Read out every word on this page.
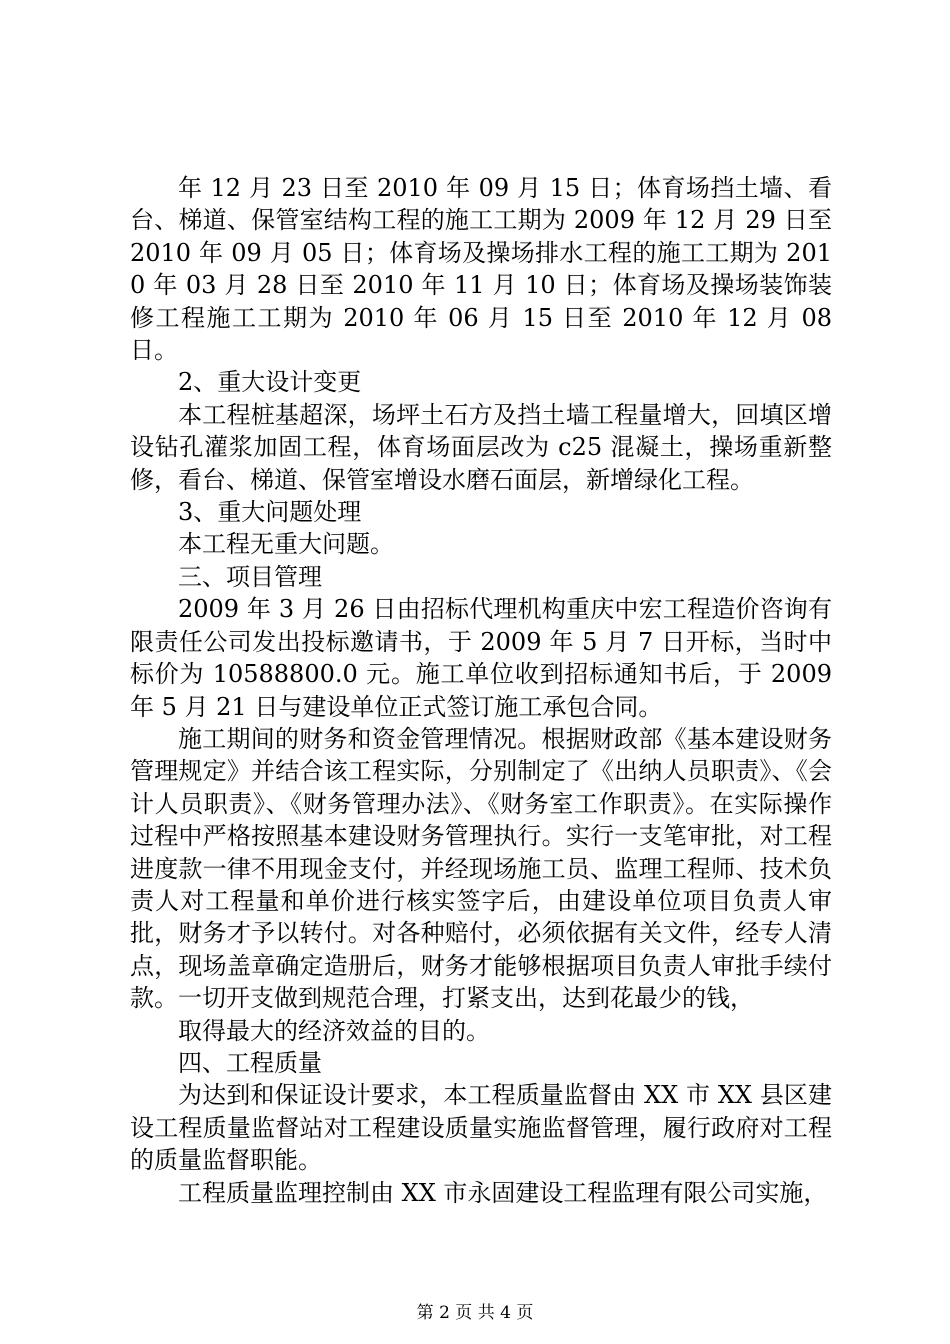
年 12 月 23 日至 2010 年 09 月 15 日；体育场挡土墙、看台、梯道、保管室结构工程的施工工期为 2009 年 12 月 29 日至 2010 年 09 月 05 日；体育场及操场排水工程的施工工期为 2010 年 03 月 28 日至 2010 年 11 月 10 日；体育场及操场装饰装修工程施工工期为 2010 年 06 月 15 日至 2010 年 12 月 08 日。

2、重大设计变更

本工程桩基超深，场坪土石方及挡土墙工程量增大，回填区增设钻孔灌浆加固工程，体育场面层改为 c25 混凝土，操场重新整修，看台、梯道、保管室增设水磨石面层，新增绿化工程。

3、重大问题处理

本工程无重大问题。

三、项目管理

2009 年 3 月 26 日由招标代理机构重庆中宏工程造价咨询有限责任公司发出投标邀请书，于 2009 年 5 月 7 日开标，当时中标价为 10588800.0 元。施工单位收到招标通知书后，于 2009 年 5 月 21 日与建设单位正式签订施工承包合同。

施工期间的财务和资金管理情况。根据财政部《基本建设财务管理规定》并结合该工程实际，分别制定了《出纳人员职责》、《会计人员职责》、《财务管理办法》、《财务室工作职责》。在实际操作过程中严格按照基本建设财务管理执行。实行一支笔审批，对工程进度款一律不用现金支付，并经现场施工员、监理工程师、技术负责人对工程量和单价进行核实签字后，由建设单位项目负责人审批，财务才予以转付。对各种赔付，必须依据有关文件，经专人清点，现场盖章确定造册后，财务才能够根据项目负责人审批手续付款。一切开支做到规范合理，打紧支出，达到花最少的钱，

取得最大的经济效益的目的。

四、工程质量

为达到和保证设计要求，本工程质量监督由 XX 市 XX 县区建设工程质量监督站对工程建设质量实施监督管理，履行政府对工程的质量监督职能。

工程质量监理控制由 XX 市永固建设工程监理有限公司实施，

第 2 页 共 4 页
